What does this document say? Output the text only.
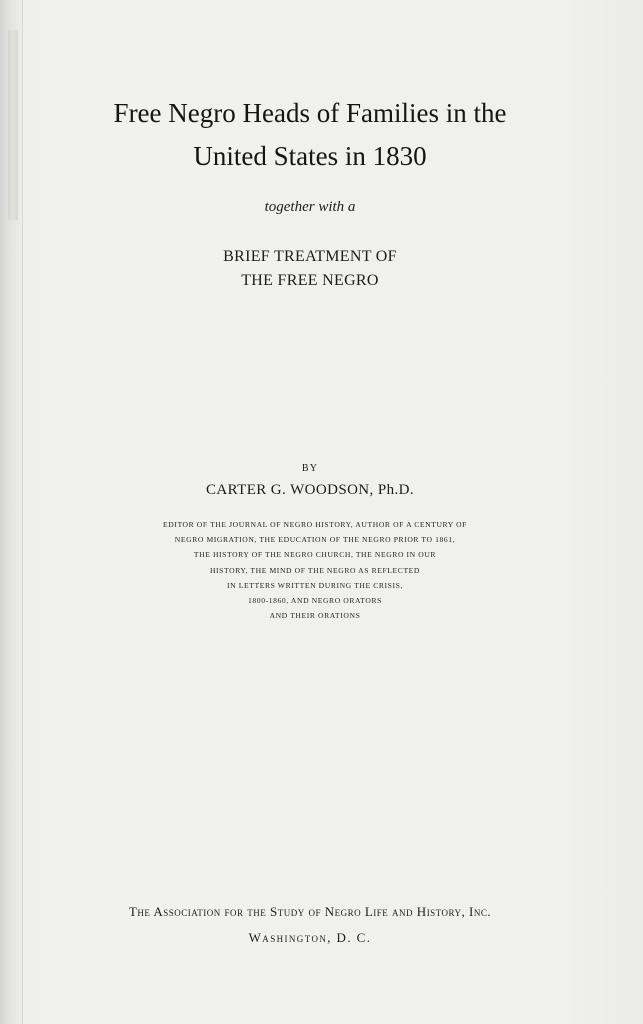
Free Negro Heads of Families in the
United States in 1830
together with a
BRIEF TREATMENT OF
THE FREE NEGRO
BY
CARTER G. WOODSON, Ph.D.
EDITOR OF THE JOURNAL OF NEGRO HISTORY, AUTHOR OF A CENTURY OF
NEGRO MIGRATION, THE EDUCATION OF THE NEGRO PRIOR TO 1861,
THE HISTORY OF THE NEGRO CHURCH, THE NEGRO IN OUR
HISTORY, THE MIND OF THE NEGRO AS REFLECTED
IN LETTERS WRITTEN DURING THE CRISIS,
1800-1860, AND NEGRO ORATORS
AND THEIR ORATIONS
The Association for the Study of Negro Life and History, Inc.
Washington, D. C.
